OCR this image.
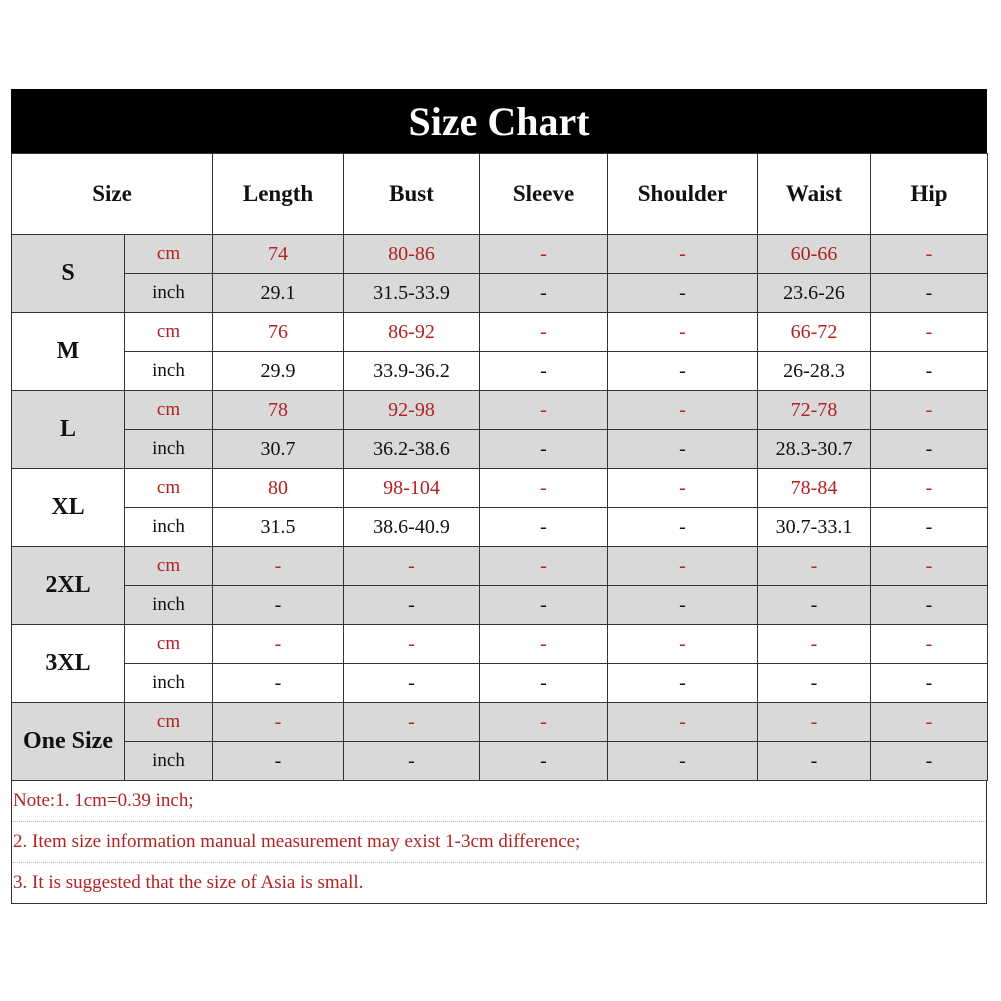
Size Chart
Size		Length	Bust	Sleeve	Shoulder	Waist	Hip
S	cm	74	80-86	-	-	60-66	-
	inch	29.1	31.5-33.9	-	-	23.6-26	-
M	cm	76	86-92	-	-	66-72	-
	inch	29.9	33.9-36.2	-	-	26-28.3	-
L	cm	78	92-98	-	-	72-78	-
	inch	30.7	36.2-38.6	-	-	28.3-30.7	-
XL	cm	80	98-104	-	-	78-84	-
	inch	31.5	38.6-40.9	-	-	30.7-33.1	-
2XL	cm	-	-	-	-	-	-
	inch	-	-	-	-	-	-
3XL	cm	-	-	-	-	-	-
	inch	-	-	-	-	-	-
One Size	cm	-	-	-	-	-	-
	inch	-	-	-	-	-	-
Note:1. 1cm=0.39 inch;
2. Item size information manual measurement may exist 1-3cm difference;
3. It is suggested that the size of Asia is small.
